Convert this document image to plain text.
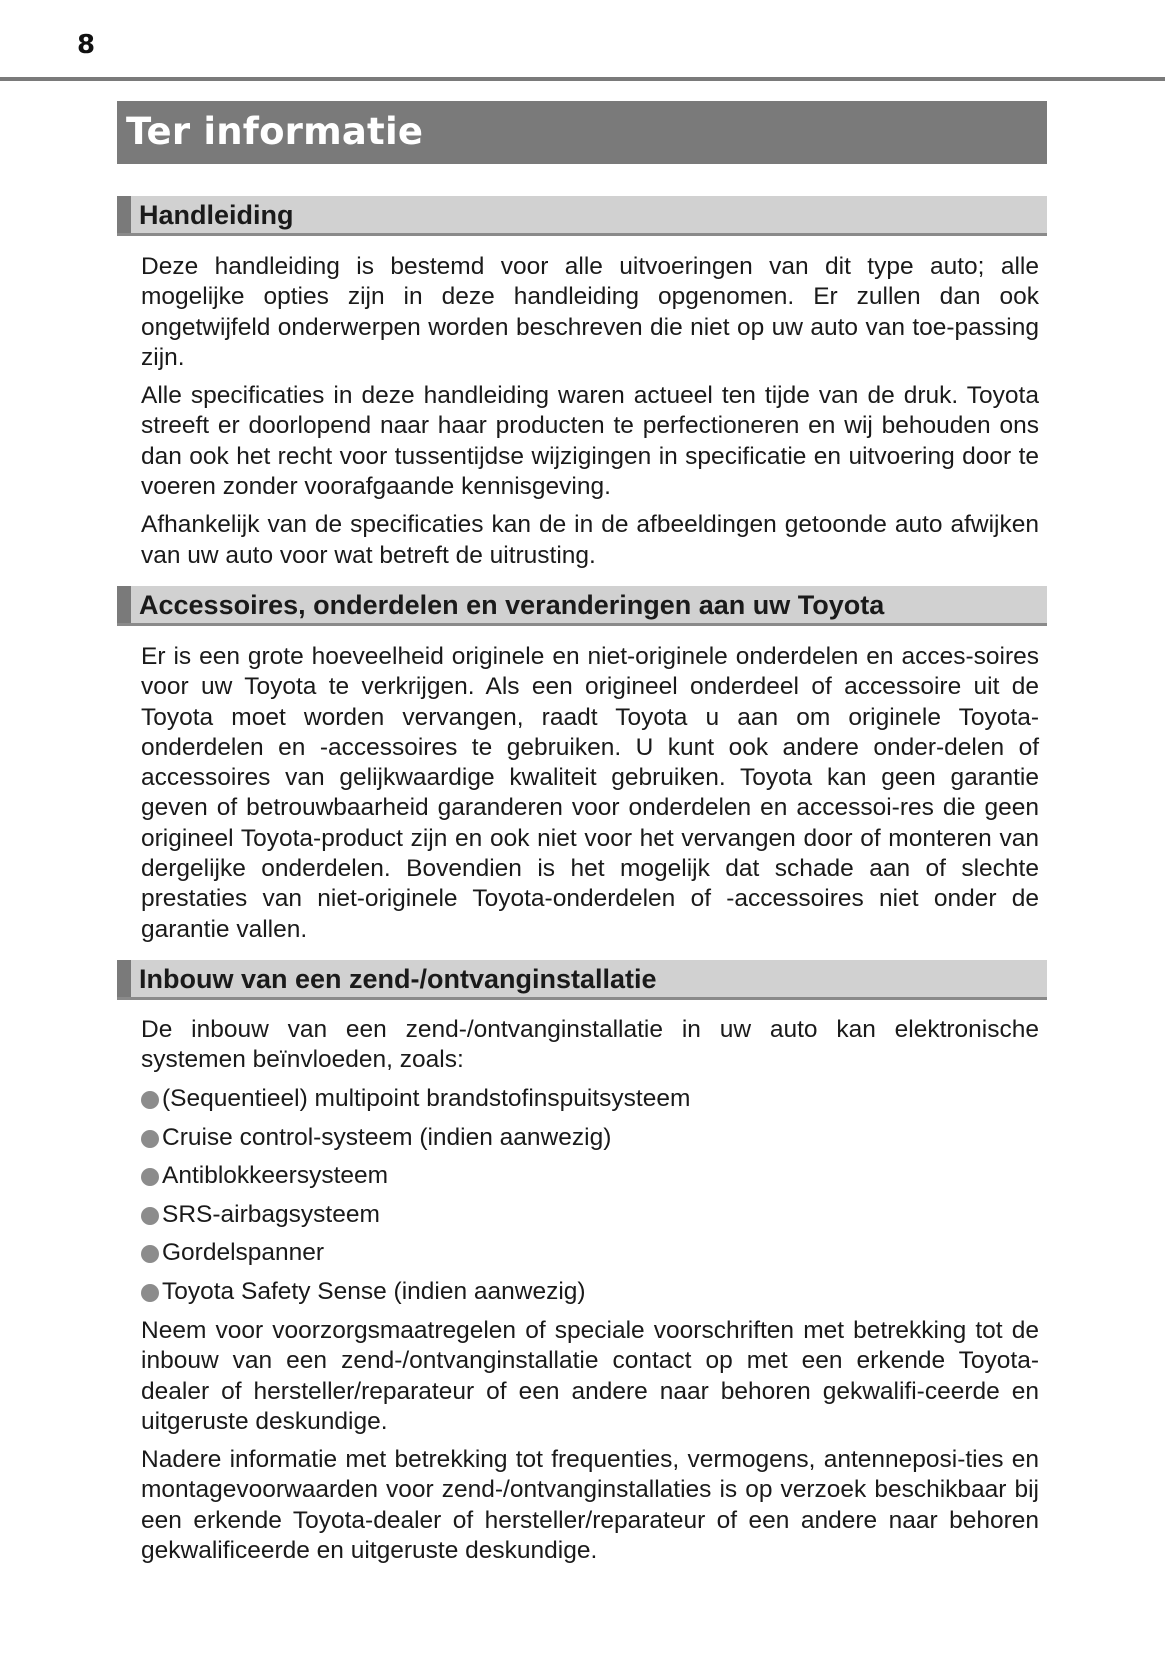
8
Ter informatie
Handleiding

Deze handleiding is bestemd voor alle uitvoeringen van dit type auto; alle mogelijke opties zijn in deze handleiding opgenomen. Er zullen dan ook ongetwijfeld onderwerpen worden beschreven die niet op uw auto van toe-passing zijn.

Alle specificaties in deze handleiding waren actueel ten tijde van de druk. Toyota streeft er doorlopend naar haar producten te perfectioneren en wij behouden ons dan ook het recht voor tussentijdse wijzigingen in specificatie en uitvoering door te voeren zonder voorafgaande kennisgeving.

Afhankelijk van de specificaties kan de in de afbeeldingen getoonde auto afwijken van uw auto voor wat betreft de uitrusting.

Accessoires, onderdelen en veranderingen aan uw Toyota

Er is een grote hoeveelheid originele en niet-originele onderdelen en acces-soires voor uw Toyota te verkrijgen. Als een origineel onderdeel of accessoire uit de Toyota moet worden vervangen, raadt Toyota u aan om originele Toyota-onderdelen en -accessoires te gebruiken. U kunt ook andere onder-delen of accessoires van gelijkwaardige kwaliteit gebruiken. Toyota kan geen garantie geven of betrouwbaarheid garanderen voor onderdelen en accessoi-res die geen origineel Toyota-product zijn en ook niet voor het vervangen door of monteren van dergelijke onderdelen. Bovendien is het mogelijk dat schade aan of slechte prestaties van niet-originele Toyota-onderdelen of -accessoires niet onder de garantie vallen.

Inbouw van een zend-/ontvanginstallatie

De inbouw van een zend-/ontvanginstallatie in uw auto kan elektronische systemen beïnvloeden, zoals:

(Sequentieel) multipoint brandstofinspuitsysteem
Cruise control-systeem (indien aanwezig)
Antiblokkeersysteem
SRS-airbagsysteem
Gordelspanner
Toyota Safety Sense (indien aanwezig)

Neem voor voorzorgsmaatregelen of speciale voorschriften met betrekking tot de inbouw van een zend-/ontvanginstallatie contact op met een erkende Toyota-dealer of hersteller/reparateur of een andere naar behoren gekwalifi-ceerde en uitgeruste deskundige.

Nadere informatie met betrekking tot frequenties, vermogens, antenneposi-ties en montagevoorwaarden voor zend-/ontvanginstallaties is op verzoek beschikbaar bij een erkende Toyota-dealer of hersteller/reparateur of een andere naar behoren gekwalificeerde en uitgeruste deskundige.
